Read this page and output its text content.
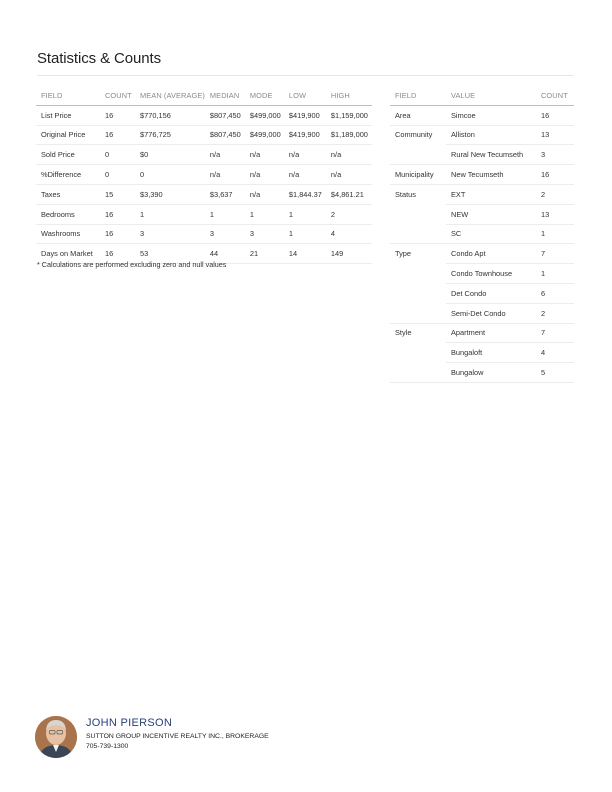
Statistics & Counts
FIELD	COUNT	MEAN (AVERAGE)	MEDIAN	MODE	LOW	HIGH
List Price	16	$770,156	$807,450	$499,000	$419,900	$1,159,000
Original Price	16	$776,725	$807,450	$499,000	$419,900	$1,189,000
Sold Price	0	$0	n/a	n/a	n/a	n/a
%Difference	0	0	n/a	n/a	n/a	n/a
Taxes	15	$3,390	$3,637	n/a	$1,844.37	$4,861.21
Bedrooms	16	1	1	1	1	2
Washrooms	16	3	3	3	1	4
Days on Market	16	53	44	21	14	149
* Calculations are performed excluding zero and null values
FIELD	VALUE	COUNT
Area	Simcoe	16
Community	Alliston	13
	Rural New Tecumseth	3
Municipality	New Tecumseth	16
Status	EXT	2
	NEW	13
	SC	1
Type	Condo Apt	7
	Condo Townhouse	1
	Det Condo	6
	Semi-Det Condo	2
Style	Apartment	7
	Bungaloft	4
	Bungalow	5
JOHN PIERSON
SUTTON GROUP INCENTIVE REALTY INC., BROKERAGE
705-739-1300
